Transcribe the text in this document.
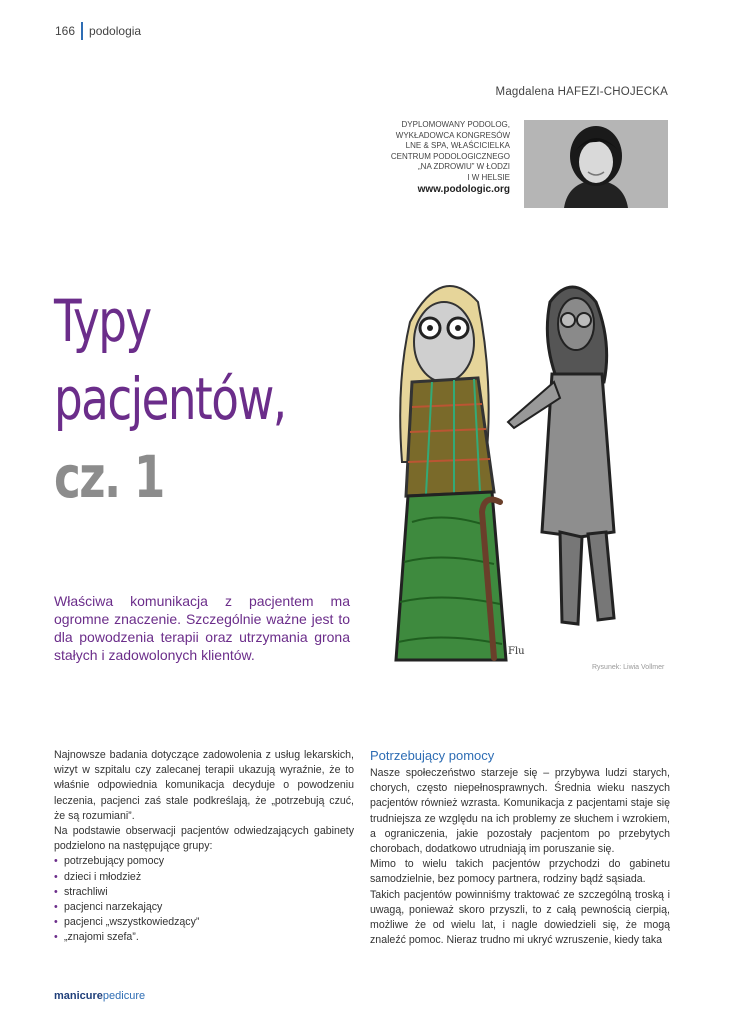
166 podologia
Magdalena HAFEZI-CHOJECKA
DYPLOMOWANY PODOLOG,
WYKŁADOWCA KONGRESÓW
LNE & SPA, WŁAŚCICIELKA
CENTRUM PODOLOGICZNEGO
„NA ZDROWIU” W ŁODZI
I W HELSIE
www.podologic.org
Typy
pacjentów,
cz. 1
Właściwa komunikacja z pacjentem ma ogromne znaczenie. Szczególnie ważne jest to dla powodzenia terapii oraz utrzymania grona stałych i zadowolonych klientów.	Flu
Rysunek: Liwia Vollmer

Najnowsze badania dotyczące zadowolenia z usług lekarskich, wizyt w szpitalu czy zalecanej terapii ukazują wyraźnie, że to właśnie odpowiednia komunikacja decyduje o powodzeniu leczenia, pacjenci zaś stale podkreślają, że „potrzebują czuć, że są rozumiani”.

Na podstawie obserwacji pacjentów odwiedzających gabinety podzielono na następujące grupy:

• potrzebujący pomocy
• dzieci i młodzież
• strachliwi
• pacjenci narzekający
• pacjenci „wszystkowiedzący”
• „znajomi szefa”.
Potrzebujący pomocy

Nasze społeczeństwo starzeje się – przybywa ludzi starych, chorych, często niepełnosprawnych. Średnia wieku naszych pacjentów również wzrasta. Komunikacja z pacjentami staje się trudniejsza ze względu na ich problemy ze słuchem i wzrokiem, a ograniczenia, jakie pozostały pacjentom po przebytych chorobach, dodatkowo utrudniają im poruszanie się.

Mimo to wielu takich pacjentów przychodzi do gabinetu samodzielnie, bez pomocy partnera, rodziny bądź sąsiada.

Takich pacjentów powinniśmy traktować ze szczególną troską i uwagą, ponieważ skoro przyszli, to z całą pewnością cierpią, możliwe że od wielu lat, i nagle dowiedzieli się, że mogą znaleźć pomoc. Nieraz trudno mi ukryć wzruszenie, kiedy taka

manicurepedicure
